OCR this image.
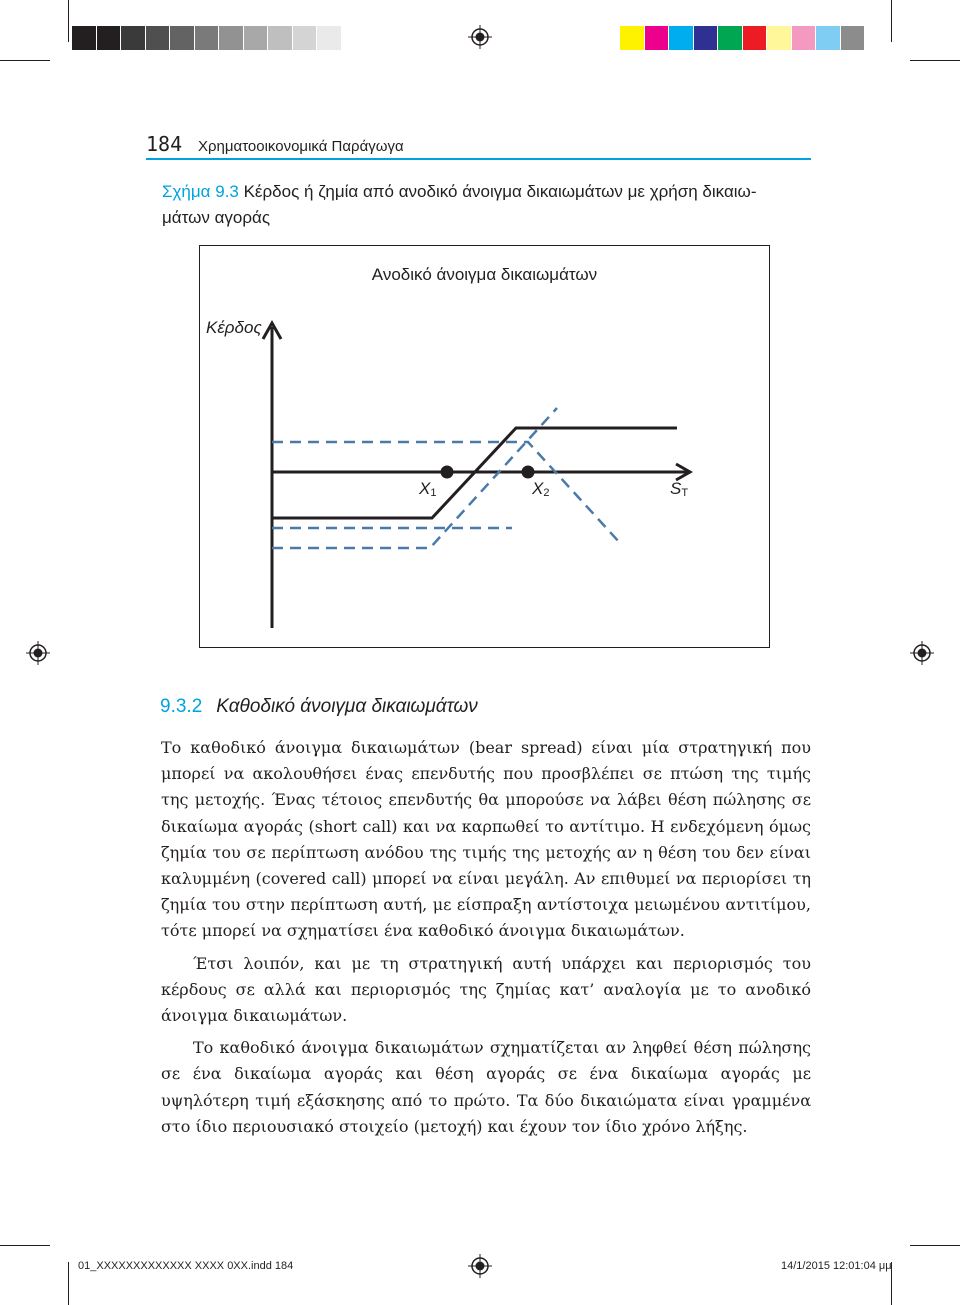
184 Χρηματοοικονομικά Παράγωγα
Σχήμα 9.3 Κέρδος ή ζημία από ανοδικό άνοιγμα δικαιωμάτων με χρήση δικαιω-
μάτων αγοράς
Ανοδικό άνοιγμα δικαιωμάτων
Κέρδος
$X_1$	$X_2$	$S_T$
9.3.2 Καθοδικό άνοιγμα δικαιωμάτων

Το καθοδικό άνοιγμα δικαιωμάτων (bear spread) είναι μία στρατηγική που μπορεί να ακολουθήσει ένας επενδυτής που προσβλέπει σε πτώση της τιμής της μετοχής. Ένας τέτοιος επενδυτής θα μπορούσε να λάβει θέση πώλησης σε δικαίωμα αγοράς (short call) και να καρπωθεί το αντίτιμο. Η ενδεχόμενη όμως ζημία του σε περίπτωση ανόδου της τιμής της μετοχής αν η θέση του δεν είναι καλυμμένη (covered call) μπορεί να είναι μεγάλη. Αν επιθυμεί να περιορίσει τη ζημία του στην περίπτωση αυτή, με είσπραξη αντίστοιχα μειωμένου αντιτίμου, τότε μπορεί να σχηματίσει ένα καθοδικό άνοιγμα δικαιωμάτων.

Έτσι λοιπόν, και με τη στρατηγική αυτή υπάρχει και περιορισμός του κέρδους σε αλλά και περιορισμός της ζημίας κατ’ αναλογία με το ανοδικό άνοιγμα δικαιωμάτων.

Το καθοδικό άνοιγμα δικαιωμάτων σχηματίζεται αν ληφθεί θέση πώλησης σε ένα δικαίωμα αγοράς και θέση αγοράς σε ένα δικαίωμα αγοράς με υψηλότερη τιμή εξάσκησης από το πρώτο. Τα δύο δικαιώματα είναι γραμμένα στο ίδιο περιουσιακό στοιχείο (μετοχή) και έχουν τον ίδιο χρόνο λήξης.

01_ΧΧΧΧΧΧΧΧΧΧΧΧΧ ΧΧΧΧ 0ΧΧ.indd 184	14/1/2015 12:01:04 μμ
